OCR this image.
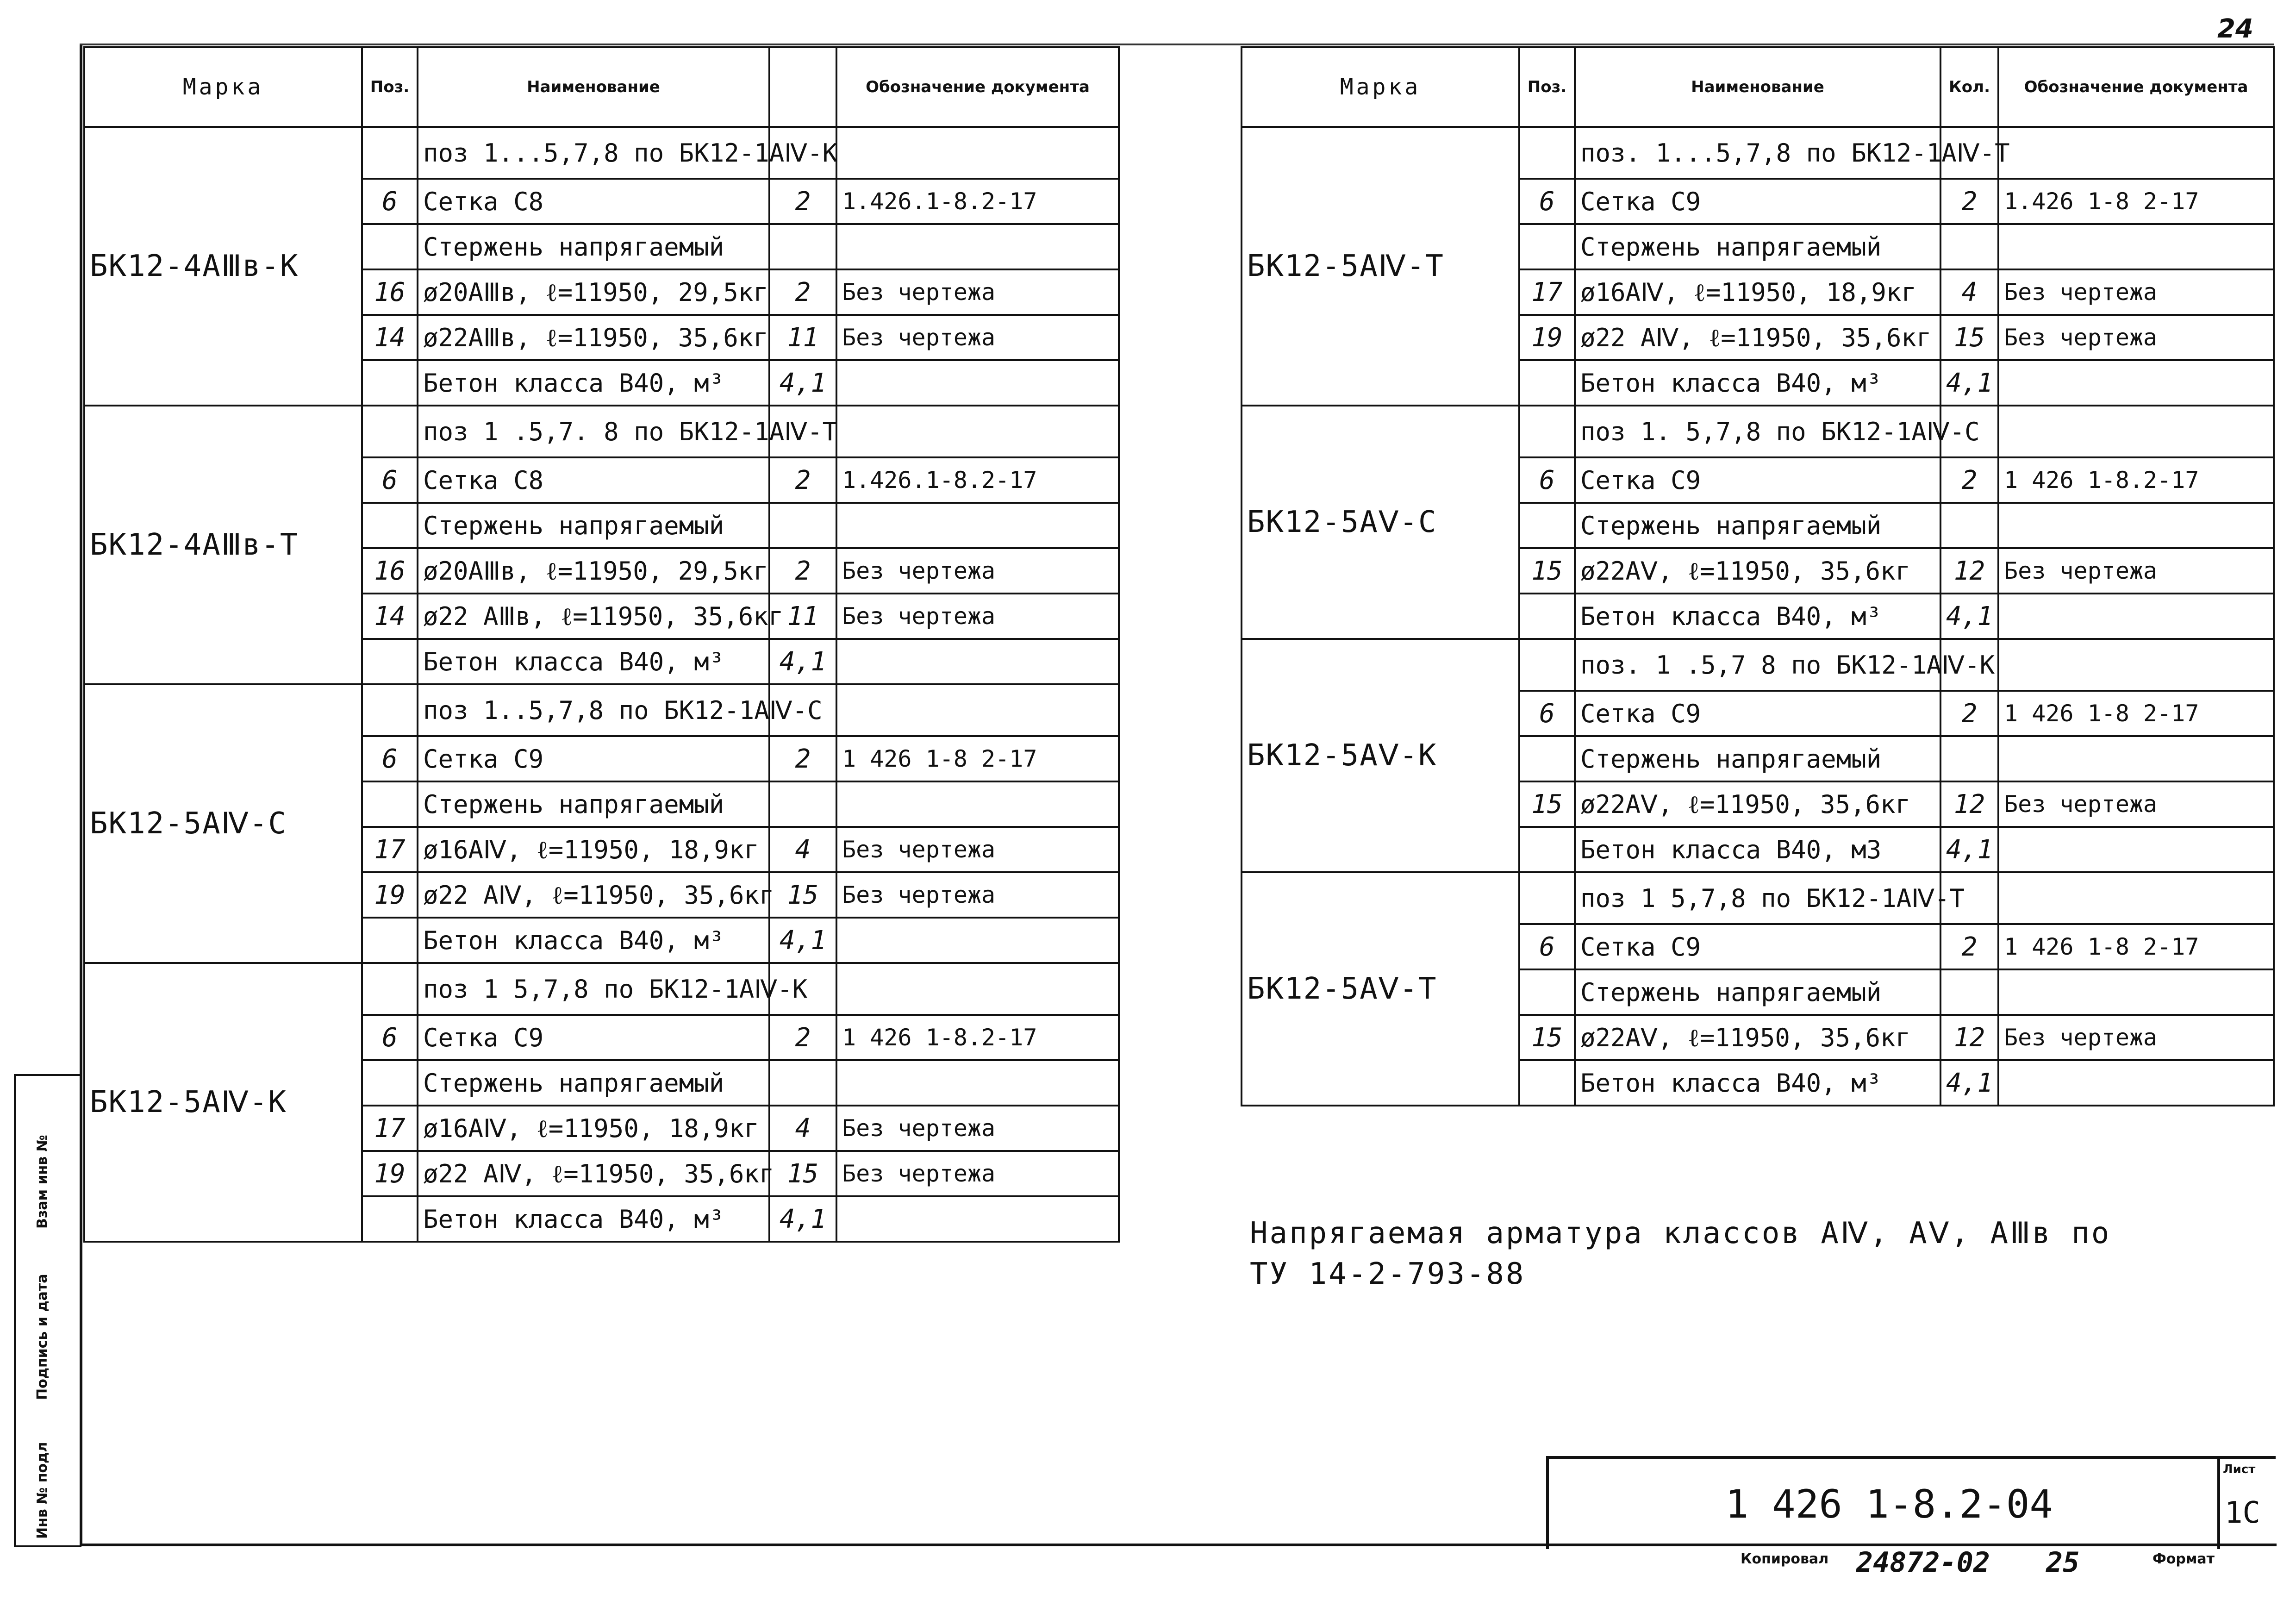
24
Марка	Поз.	Наименование		Обозначение документа
БК12-4АⅢв-К		поз 1...5,7,8 по БК12-1АⅣ-К		
	6	Сетка С8	2	1.426.1-8.2-17

		Стержень напрягаемый		

	16	ø20АⅢв, ℓ=11950, 29,5кг	2	Без чертежа

	14	ø22АⅢв, ℓ=11950, 35,6кг	11	Без чертежа

		Бетон класса В40, м³	4,1	

БК12-4АⅢв-Т		поз 1 .5,7. 8 по БК12-1АⅣ-Т		
	6	Сетка С8	2	1.426.1-8.2-17

		Стержень напрягаемый		

	16	ø20АⅢв, ℓ=11950, 29,5кг	2	Без чертежа

	14	ø22 АⅢв, ℓ=11950, 35,6кг	11	Без чертежа

		Бетон класса В40, м³	4,1	

БК12-5АⅣ-С		поз 1..5,7,8 по БК12-1АⅣ-С		
	6	Сетка С9	2	1 426 1-8 2-17

		Стержень напрягаемый		

	17	ø16АⅣ, ℓ=11950, 18,9кг	4	Без чертежа

	19	ø22 АⅣ, ℓ=11950, 35,6кг	15	Без чертежа

		Бетон класса В40, м³	4,1	

БК12-5АⅣ-К		поз 1 5,7,8 по БК12-1АⅣ-К		
	6	Сетка С9	2	1 426 1-8.2-17

		Стержень напрягаемый		

	17	ø16АⅣ, ℓ=11950, 18,9кг	4	Без чертежа

	19	ø22 АⅣ, ℓ=11950, 35,6кг	15	Без чертежа

		Бетон класса В40, м³	4,1	

Марка	Поз.	Наименование	Кол.	Обозначение документа
БК12-5АⅣ-Т		поз. 1...5,7,8 по БК12-1АⅣ-Т		
	6	Сетка С9	2	1.426 1-8 2-17

		Стержень напрягаемый		

	17	ø16АⅣ, ℓ=11950, 18,9кг	4	Без чертежа

	19	ø22 АⅣ, ℓ=11950, 35,6кг	15	Без чертежа

		Бетон класса В40, м³	4,1	

БК12-5АⅤ-С		поз 1. 5,7,8 по БК12-1АⅣ-С		
	6	Сетка С9	2	1 426 1-8.2-17

		Стержень напрягаемый		

	15	ø22АⅤ, ℓ=11950, 35,6кг	12	Без чертежа

		Бетон класса В40, м³	4,1	

БК12-5АⅤ-К		поз. 1 .5,7 8 по БК12-1АⅣ-К		
	6	Сетка С9	2	1 426 1-8 2-17

		Стержень напрягаемый		

	15	ø22АⅤ, ℓ=11950, 35,6кг	12	Без чертежа

		Бетон класса В40, м3	4,1	

БК12-5АⅤ-Т		поз 1 5,7,8 по БК12-1АⅣ-Т		
	6	Сетка С9	2	1 426 1-8 2-17

		Стержень напрягаемый		

	15	ø22АⅤ, ℓ=11950, 35,6кг	12	Без чертежа

		Бетон класса В40, м³	4,1	

Напрягаемая арматура классов АⅣ, АⅤ, АⅢв по
ТУ 14-2-793-88
1 426 1-8.2-04
Лист
1С
Инв № подл
Подпись и дата
Взам инв №
Копировал 24872-02 25	Формат
